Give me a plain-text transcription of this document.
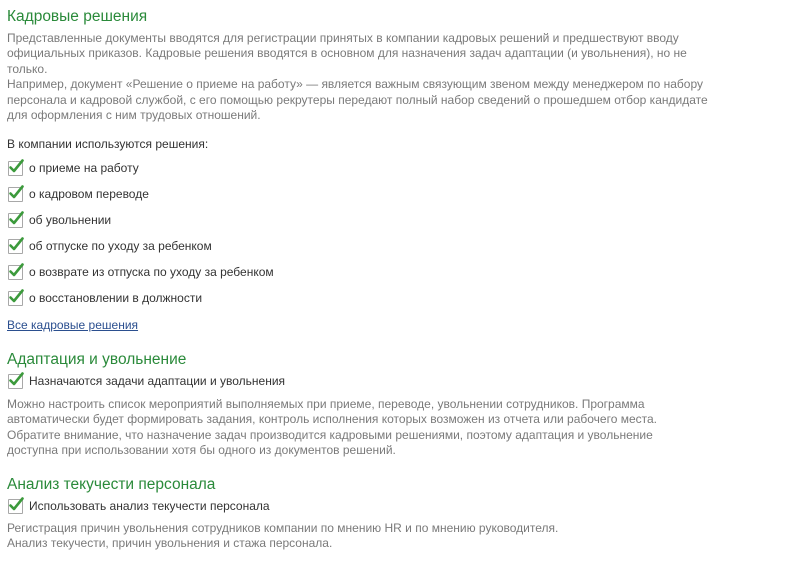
Кадровые решения

Представленные документы вводятся для регистрации принятых в компании кадровых решений и предшествуют вводу

официальных приказов. Кадровые решения вводятся в основном для назначения задач адаптации (и увольнения), но не

только.

Например, документ «Решение о приеме на работу» — является важным связующим звеном между менеджером по набору

персонала и кадровой службой, с его помощью рекрутеры передают полный набор сведений о прошедшем отбор кандидате

для оформления с ним трудовых отношений.

В компании используются решения:
о приеме на работу
о кадровом переводе
об увольнении
об отпуске по уходу за ребенком
о возврате из отпуска по уходу за ребенком
о восстановлении в должности
Все кадровые решения
Адаптация и увольнение
Назначаются задачи адаптации и увольнения

Можно настроить список мероприятий выполняемых при приеме, переводе, увольнении сотрудников. Программа

автоматически будет формировать задания, контроль исполнения которых возможен из отчета или рабочего места.

Обратите внимание, что назначение задач производится кадровыми решениями, поэтому адаптация и увольнение

доступна при использовании хотя бы одного из документов решений.

Анализ текучести персонала
Использовать анализ текучести персонала

Регистрация причин увольнения сотрудников компании по мнению HR и по мнению руководителя.

Анализ текучести, причин увольнения и стажа персонала.
